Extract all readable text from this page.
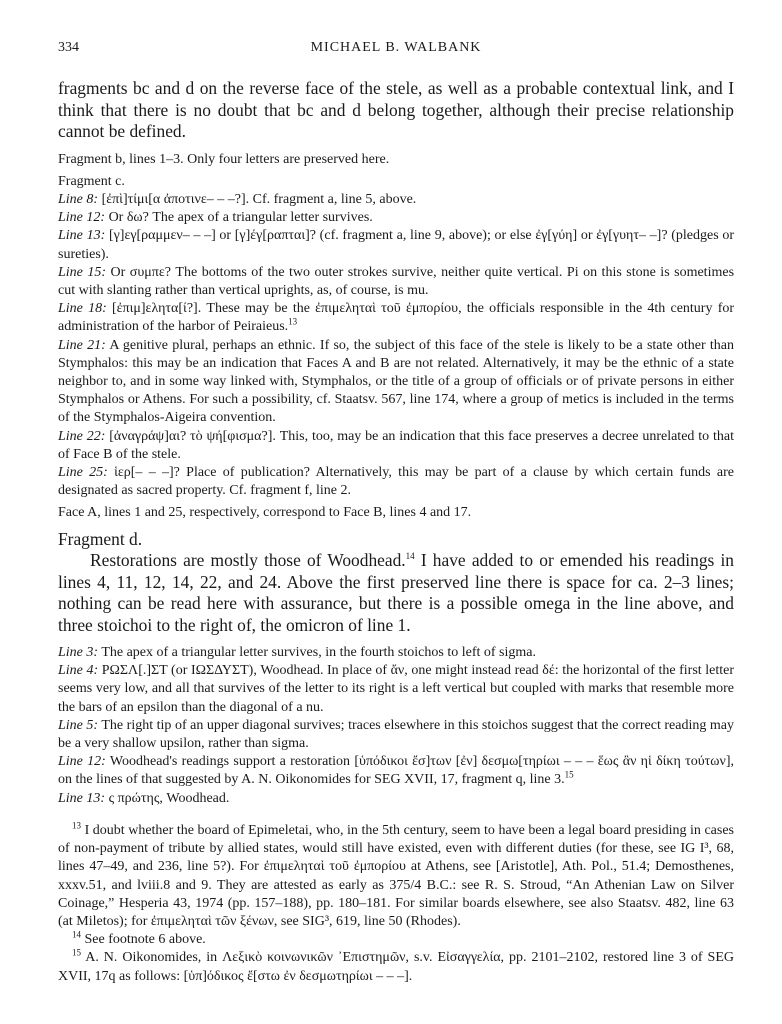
334	MICHAEL B. WALBANK

fragments bc and d on the reverse face of the stele, as well as a probable contextual link, and I think that there is no doubt that bc and d belong together, although their precise relationship cannot be defined.

Fragment b, lines 1–3. Only four letters are preserved here.

Fragment c.

Line 8: [ἐπὶ]τίμι[α ἀποτινε– – –?]. Cf. fragment a, line 5, above.

Line 12: Or δω? The apex of a triangular letter survives.

Line 13: [γ]εγ[ραμμεν– – –] or [γ]έγ[ραπται]? (cf. fragment a, line 9, above); or else ἐγ[γύη] or ἐγ[γυητ– –]? (pledges or sureties).

Line 15: Or συμπε? The bottoms of the two outer strokes survive, neither quite vertical. Pi on this stone is sometimes cut with slanting rather than vertical uprights, as, of course, is mu.

Line 18: [ἐπιμ]ελητα[ί?]. These may be the ἐπιμεληταὶ τοῦ ἐμπορίου, the officials responsible in the 4th century for administration of the harbor of Peiraieus.$^{13}$

Line 21: A genitive plural, perhaps an ethnic. If so, the subject of this face of the stele is likely to be a state other than Stymphalos: this may be an indication that Faces A and B are not related. Alternatively, it may be the ethnic of a state neighbor to, and in some way linked with, Stymphalos, or the title of a group of officials or of private persons in either Stymphalos or Athens. For such a possibility, cf. Staatsv. 567, line 174, where a group of metics is included in the terms of the Stymphalos-Aigeira convention.

Line 22: [ἀναγράψ]αι? τὸ ψή[φισμα?]. This, too, may be an indication that this face preserves a decree unrelated to that of Face B of the stele.

Line 25: ἱερ[– – –]? Place of publication? Alternatively, this may be part of a clause by which certain funds are designated as sacred property. Cf. fragment f, line 2.

Face A, lines 1 and 25, respectively, correspond to Face B, lines 4 and 17.

Fragment d.

Restorations are mostly those of Woodhead.$^{14}$ I have added to or emended his readings in lines 4, 11, 12, 14, 22, and 24. Above the first preserved line there is space for ca. 2–3 lines; nothing can be read here with assurance, but there is a possible omega in the line above, and three stoichoi to the right of, the omicron of line 1.

Line 3: The apex of a triangular letter survives, in the fourth stoichos to left of sigma.

Line 4: ΡΩΣΛ[.]ΣΤ (or ΙΩΣΔΥΣΤ), Woodhead. In place of ἄν, one might instead read δέ: the horizontal of the first letter seems very low, and all that survives of the letter to its right is a left vertical but coupled with marks that resemble more the bars of an epsilon than the diagonal of a nu.

Line 5: The right tip of an upper diagonal survives; traces elsewhere in this stoichos suggest that the correct reading may be a very shallow upsilon, rather than sigma.

Line 12: Woodhead's readings support a restoration [ὑπόδικοι ἔσ]των [ἐν] δεσμω[τηρίωι – – – ἕως ἂν ηἱ δίκη τούτων], on the lines of that suggested by A. N. Oikonomides for SEG XVII, 17, fragment q, line 3.15

Line 13: ς πρώτης, Woodhead.

$^{13}$ I doubt whether the board of Epimeletai, who, in the 5th century, seem to have been a legal board presiding in cases of non-payment of tribute by allied states, would still have existed, even with different duties (for these, see IG I³, 68, lines 47–49, and 236, line 5?). For ἐπιμεληταὶ τοῦ ἐμπορίου at Athens, see [Aristotle], Ath. Pol., 51.4; Demosthenes, xxxv.51, and lviii.8 and 9. They are attested as early as 375/4 B.C.: see R. S. Stroud, “An Athenian Law on Silver Coinage,” Hesperia 43, 1974 (pp. 157–188), pp. 180–181. For similar boards elsewhere, see also Staatsv. 482, line 63 (at Miletos); for ἐπιμεληταὶ τῶν ξένων, see SIG³, 619, line 50 (Rhodes).

$^{14}$ See footnote 6 above.

$^{15}$ A. N. Oikonomides, in Λεξικὸ κοινωνικῶν ᾿Επιστημῶν, s.v. Εἰσαγγελία, pp. 2101–2102, restored line 3 of SEG XVII, 17q as follows: [ὑπ]όδικος ἔ[στω ἐν δεσμωτηρίωι – – –].
